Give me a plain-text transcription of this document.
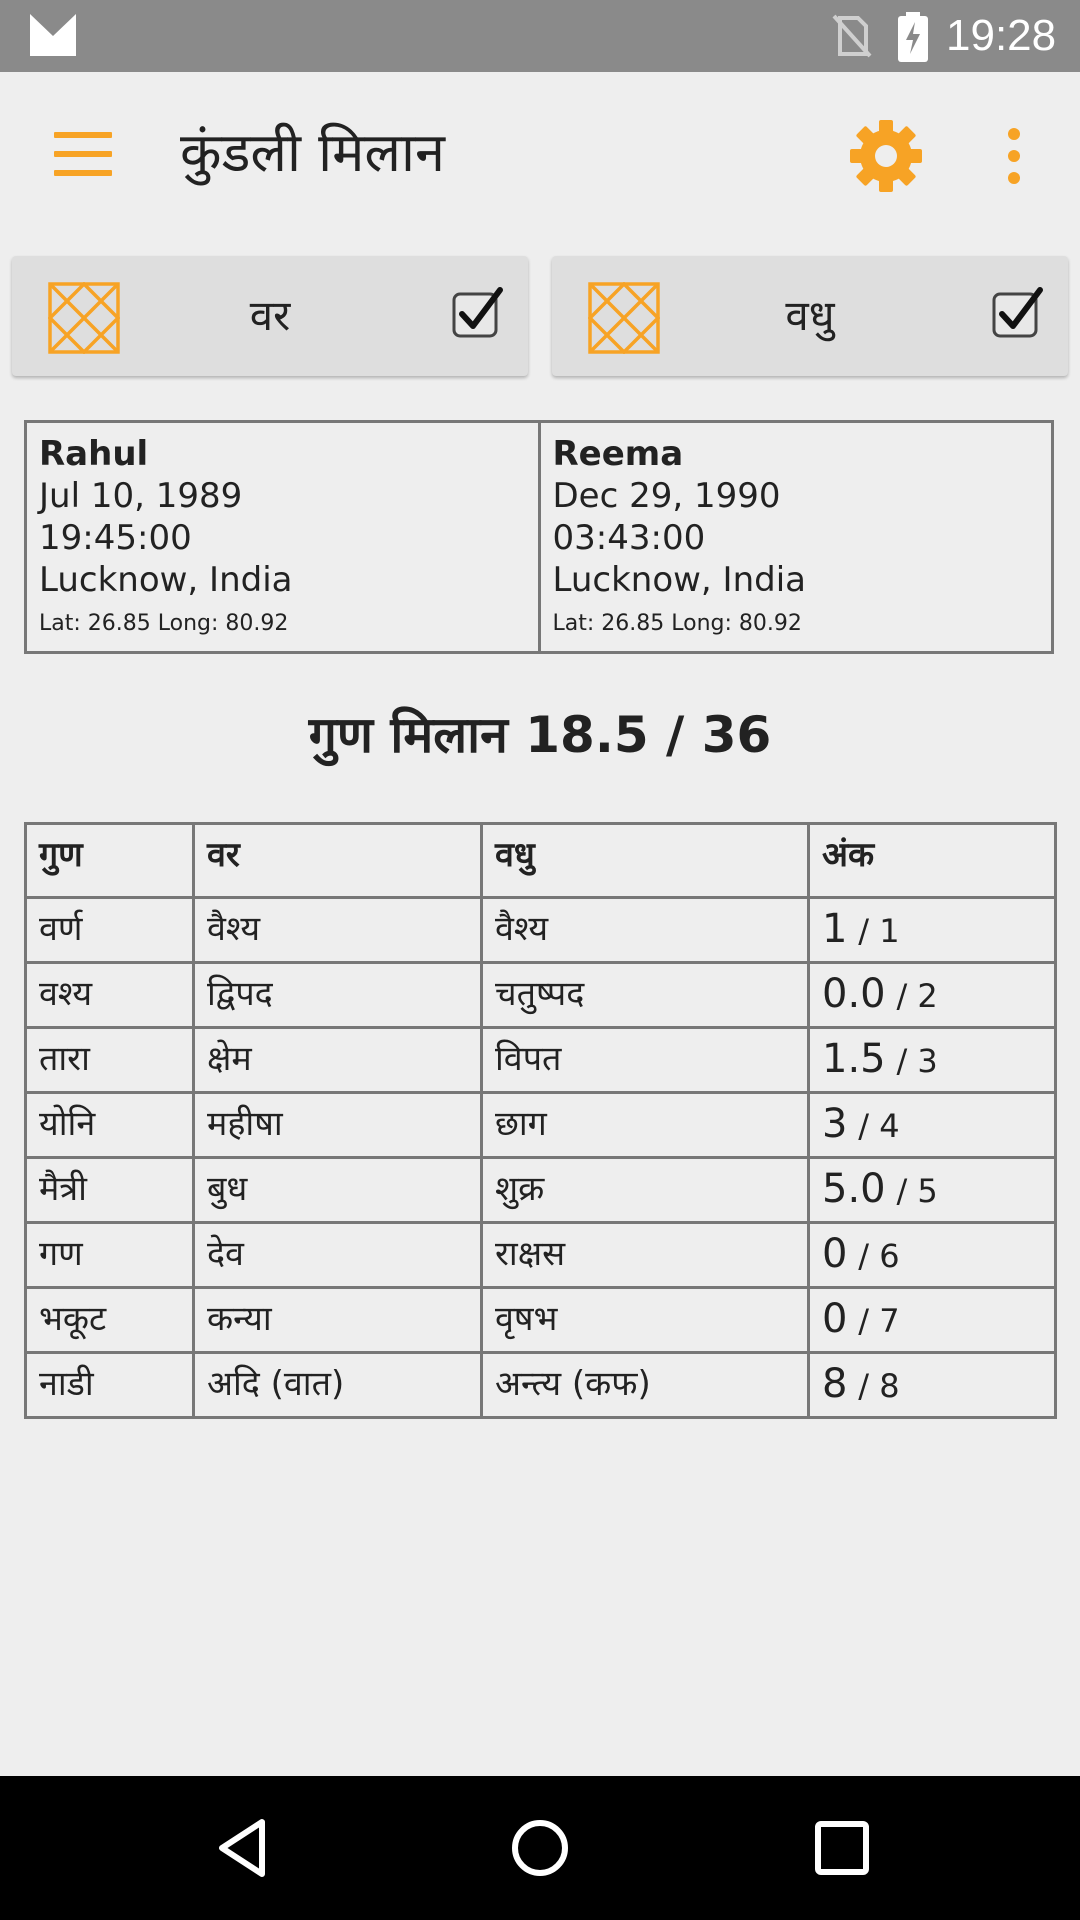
19:28
कुंडली मिलान
वर	वधु
Rahul
Jul 10, 1989
19:45:00
Lucknow, India
Lat: 26.85 Long: 80.92
Reema
Dec 29, 1990
03:43:00
Lucknow, India
Lat: 26.85 Long: 80.92
गुण मिलान 18.5 / 36
गुण	वर	वधु	अंक
वर्ण	वैश्य	वैश्य	1 / 1
वश्य	द्विपद	चतुष्पद	0.0 / 2
तारा	क्षेम	विपत	1.5 / 3
योनि	महीषा	छाग	3 / 4
मैत्री	बुध	शुक्र	5.0 / 5
गण	देव	राक्षस	0 / 6
भकूट	कन्या	वृषभ	0 / 7
नाडी	अदि (वात)	अन्त्य (कफ)	8 / 8
